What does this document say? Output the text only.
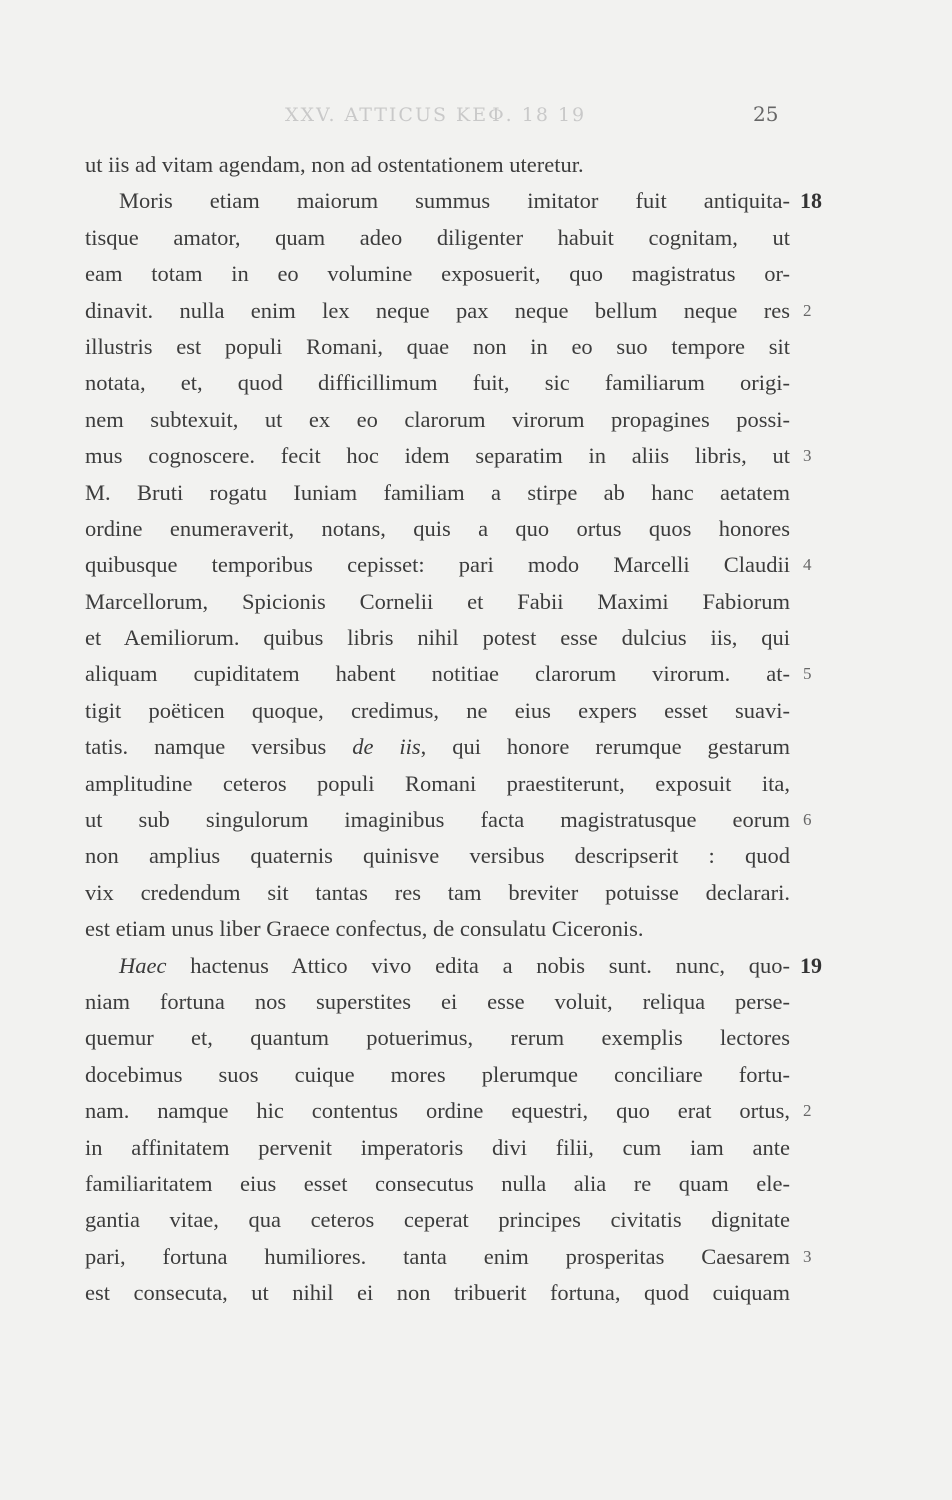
XXV. ATTICUS ΚΕΦ. 18 19	25
ut iis ad vitam agendam, non ad ostentationem uteretur.
Moris etiam maiorum summus imitator fuit antiquita-
tisque amator, quam adeo diligenter habuit cognitam, ut
eam totam in eo volumine exposuerit, quo magistratus or-
dinavit. nulla enim lex neque pax neque bellum neque res
illustris est populi Romani, quae non in eo suo tempore sit
notata, et, quod difficillimum fuit, sic familiarum origi-
nem subtexuit, ut ex eo clarorum virorum propagines possi-
mus cognoscere. fecit hoc idem separatim in aliis libris, ut
M. Bruti rogatu Iuniam familiam a stirpe ab hanc aetatem
ordine enumeraverit, notans, quis a quo ortus quos honores
quibusque temporibus cepisset: pari modo Marcelli Claudii
Marcellorum, Spicionis Cornelii et Fabii Maximi Fabiorum
et Aemiliorum. quibus libris nihil potest esse dulcius iis, qui
aliquam cupiditatem habent notitiae clarorum virorum. at-
tigit poëticen quoque, credimus, ne eius expers esset suavi-
tatis. namque versibus de iis, qui honore rerumque gestarum
amplitudine ceteros populi Romani praestiterunt, exposuit ita,
ut sub singulorum imaginibus facta magistratusque eorum
non amplius quaternis quinisve versibus descripserit : quod
vix credendum sit tantas res tam breviter potuisse declarari.
est etiam unus liber Graece confectus, de consulatu Ciceronis.
Haec hactenus Attico vivo edita a nobis sunt. nunc, quo-
niam fortuna nos superstites ei esse voluit, reliqua perse-
quemur et, quantum potuerimus, rerum exemplis lectores
docebimus suos cuique mores plerumque conciliare fortu-
nam. namque hic contentus ordine equestri, quo erat ortus,
in affinitatem pervenit imperatoris divi filii, cum iam ante
familiaritatem eius esset consecutus nulla alia re quam ele-
gantia vitae, qua ceteros ceperat principes civitatis dignitate
pari, fortuna humiliores. tanta enim prosperitas Caesarem
est consecuta, ut nihil ei non tribuerit fortuna, quod cuiquam
18
2
3
4
5
6
19
2
3
